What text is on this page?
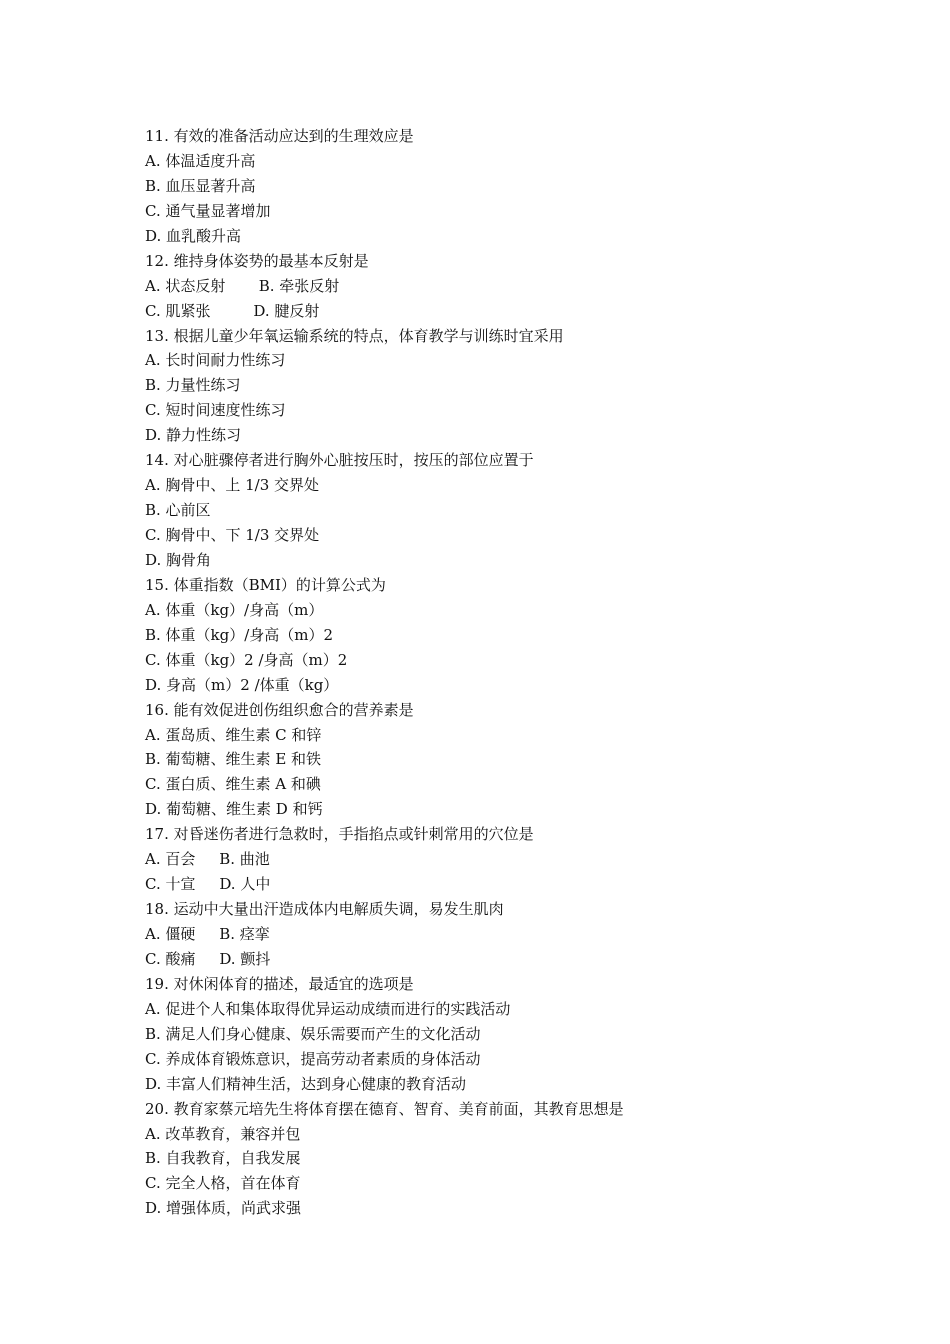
11. 有效的准备活动应达到的生理效应是
A. 体温适度升高
B. 血压显著升高
C. 通气量显著增加
D. 血乳酸升高
12. 维持身体姿势的最基本反射是
A. 状态反射       B. 牵张反射
C. 肌紧张         D. 腱反射
13. 根据儿童少年氧运输系统的特点，体育教学与训练时宜采用
A. 长时间耐力性练习
B. 力量性练习
C. 短时间速度性练习
D. 静力性练习
14. 对心脏骤停者进行胸外心脏按压时，按压的部位应置于
A. 胸骨中、上 1/3 交界处
B. 心前区
C. 胸骨中、下 1/3 交界处
D. 胸骨角
15. 体重指数（BMI）的计算公式为
A. 体重（kg）/身高（m）
B. 体重（kg）/身高（m）2
C. 体重（kg）2 /身高（m）2
D. 身高（m）2 /体重（kg）
16. 能有效促进创伤组织愈合的营养素是
A. 蛋岛质、维生素 C 和锌
B. 葡萄糖、维生素 E 和铁
C. 蛋白质、维生素 A 和碘
D. 葡萄糖、维生素 D 和钙
17. 对昏迷伤者进行急救时，手指掐点或针刺常用的穴位是
A. 百会     B. 曲池
C. 十宣     D. 人中
18. 运动中大量出汗造成体内电解质失调，易发生肌肉
A. 僵硬     B. 痉挛
C. 酸痛     D. 颤抖
19. 对休闲体育的描述，最适宜的选项是
A. 促进个人和集体取得优异运动成绩而进行的实践活动
B. 满足人们身心健康、娱乐需要而产生的文化活动
C. 养成体育锻炼意识，提高劳动者素质的身体活动
D. 丰富人们精神生活，达到身心健康的教育活动
20. 教育家蔡元培先生将体育摆在德育、智育、美育前面，其教育思想是
A. 改革教育，兼容并包
B. 自我教育，自我发展
C. 完全人格，首在体育
D. 增强体质，尚武求强
